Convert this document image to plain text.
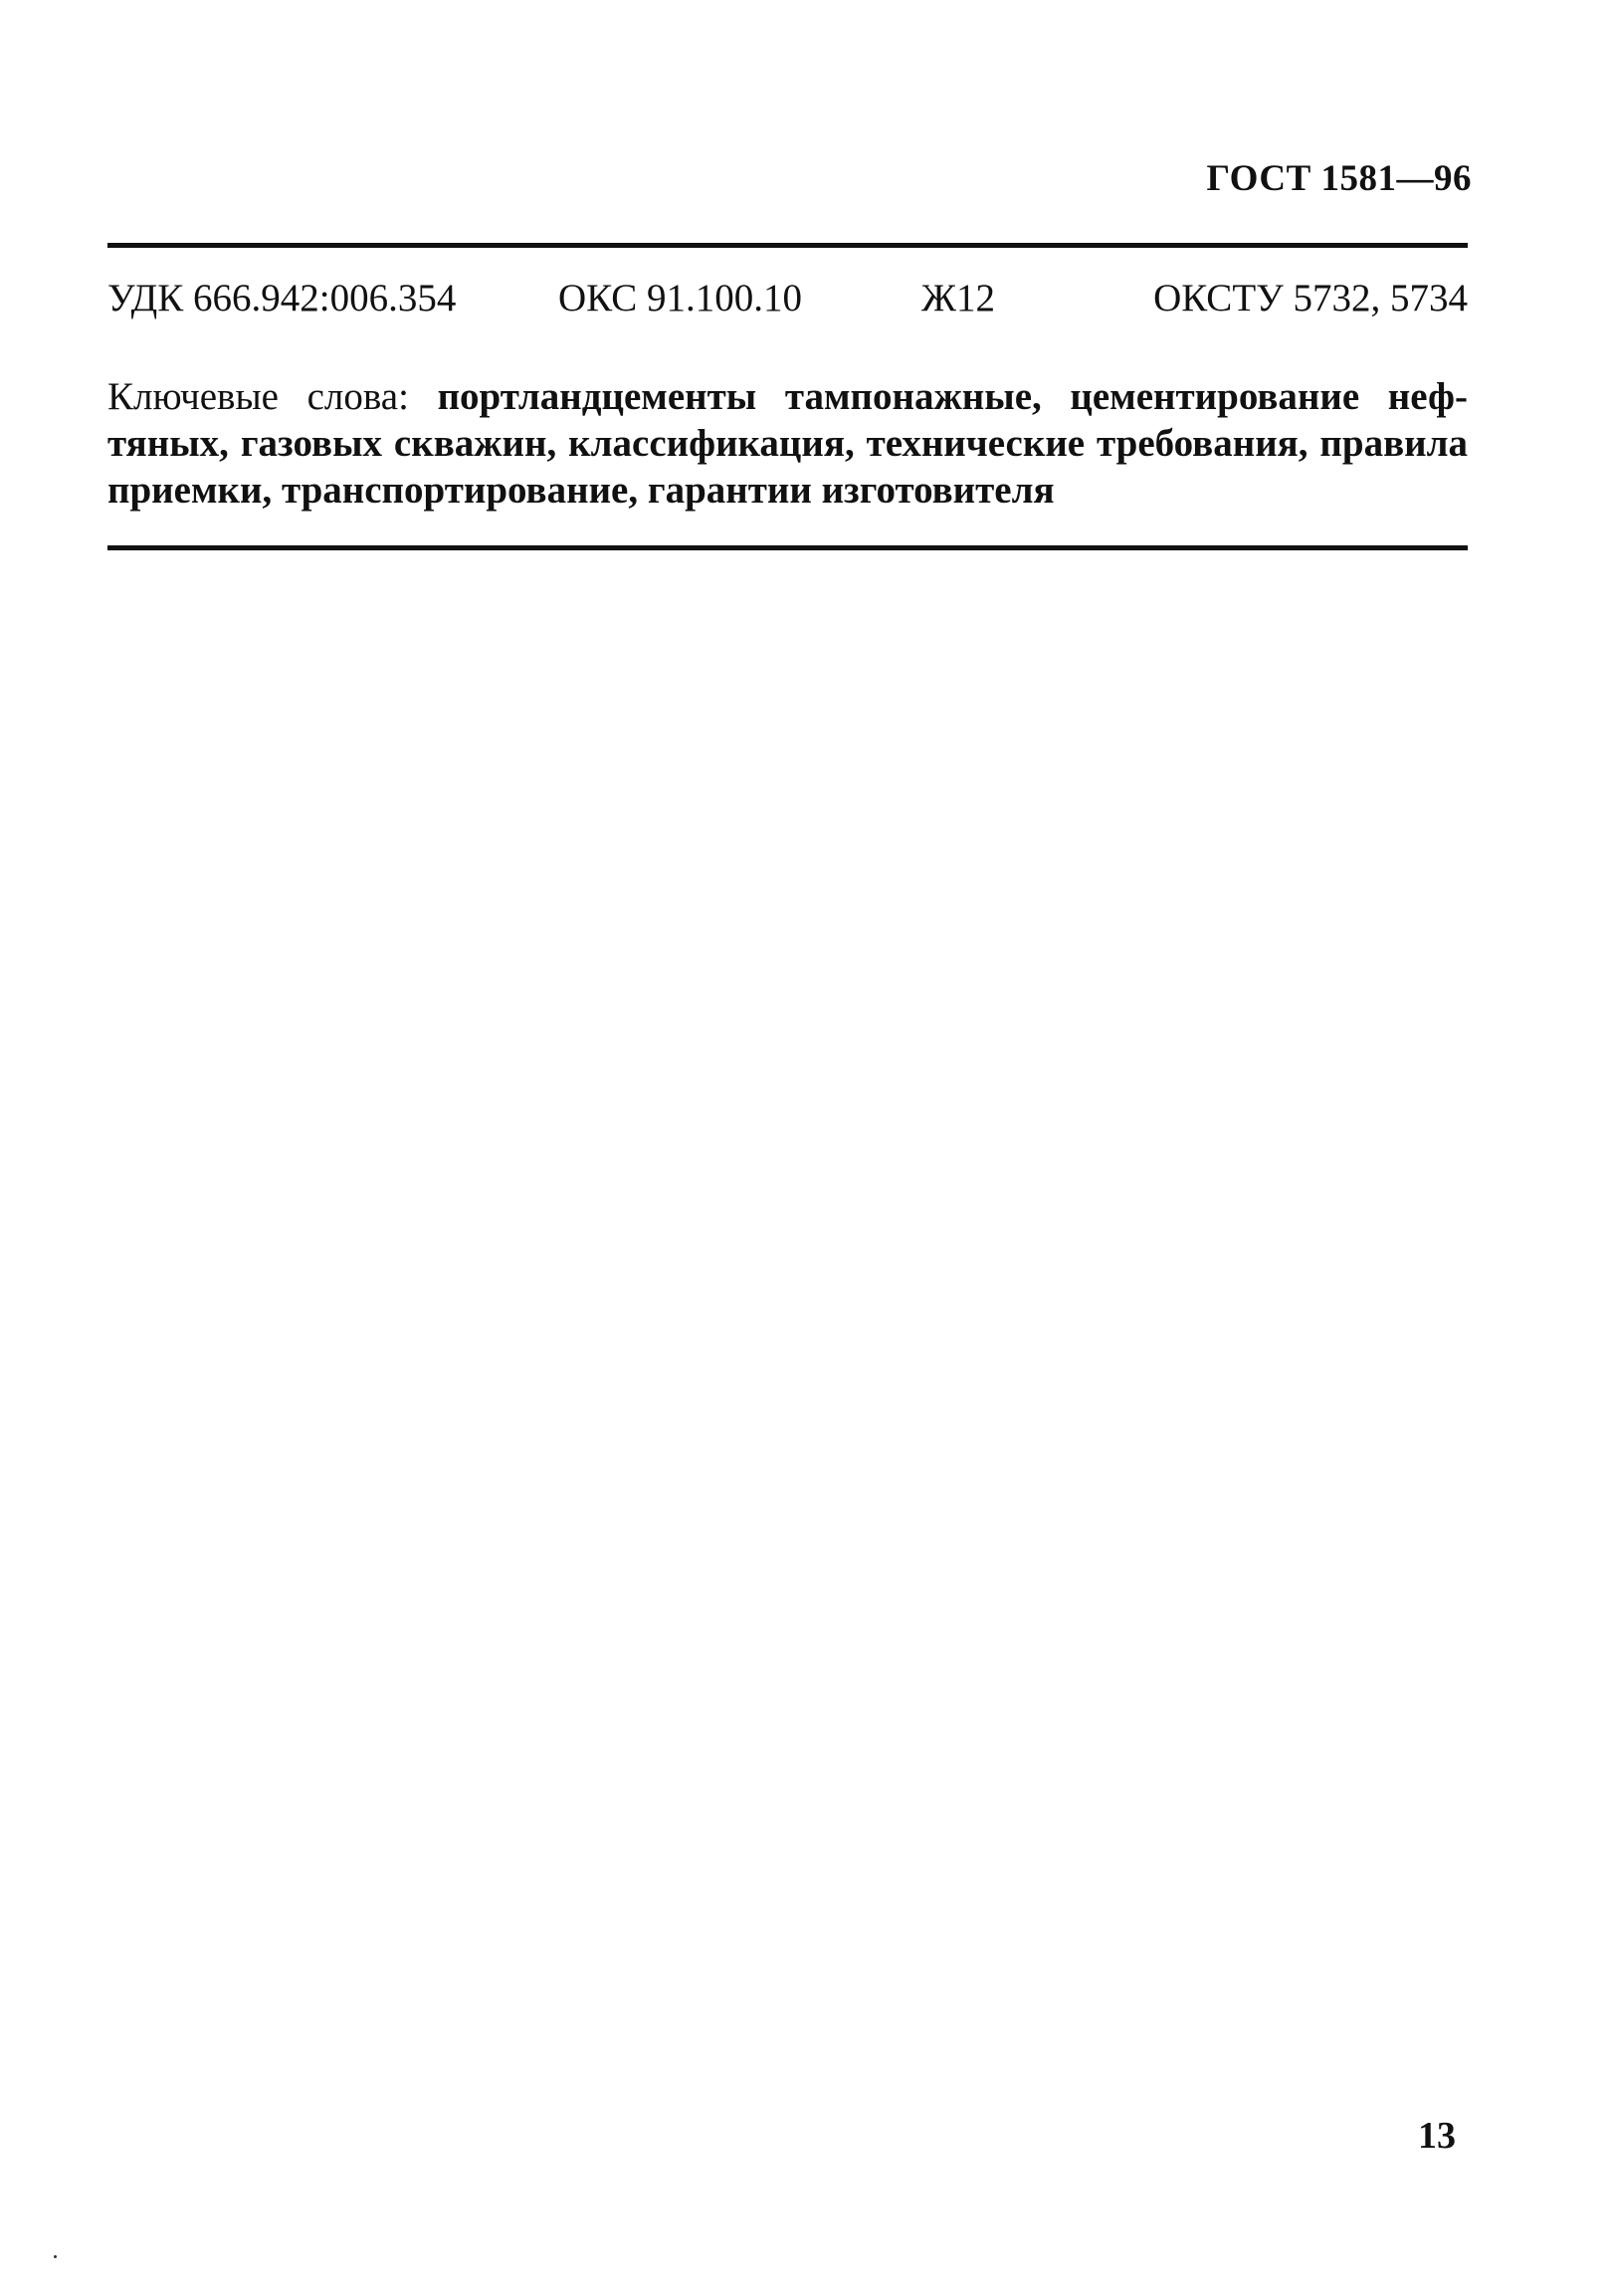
ГОСТ 1581—96
УДК 666.942:006.354	ОКС 91.100.10	Ж12	ОКСТУ 5732, 5734
Ключевые слова: портландцементы тампонажные, цементирование неф-
тяных, газовых скважин, классификация, технические требования, правила
приемки, транспортирование, гарантии изготовителя
13
